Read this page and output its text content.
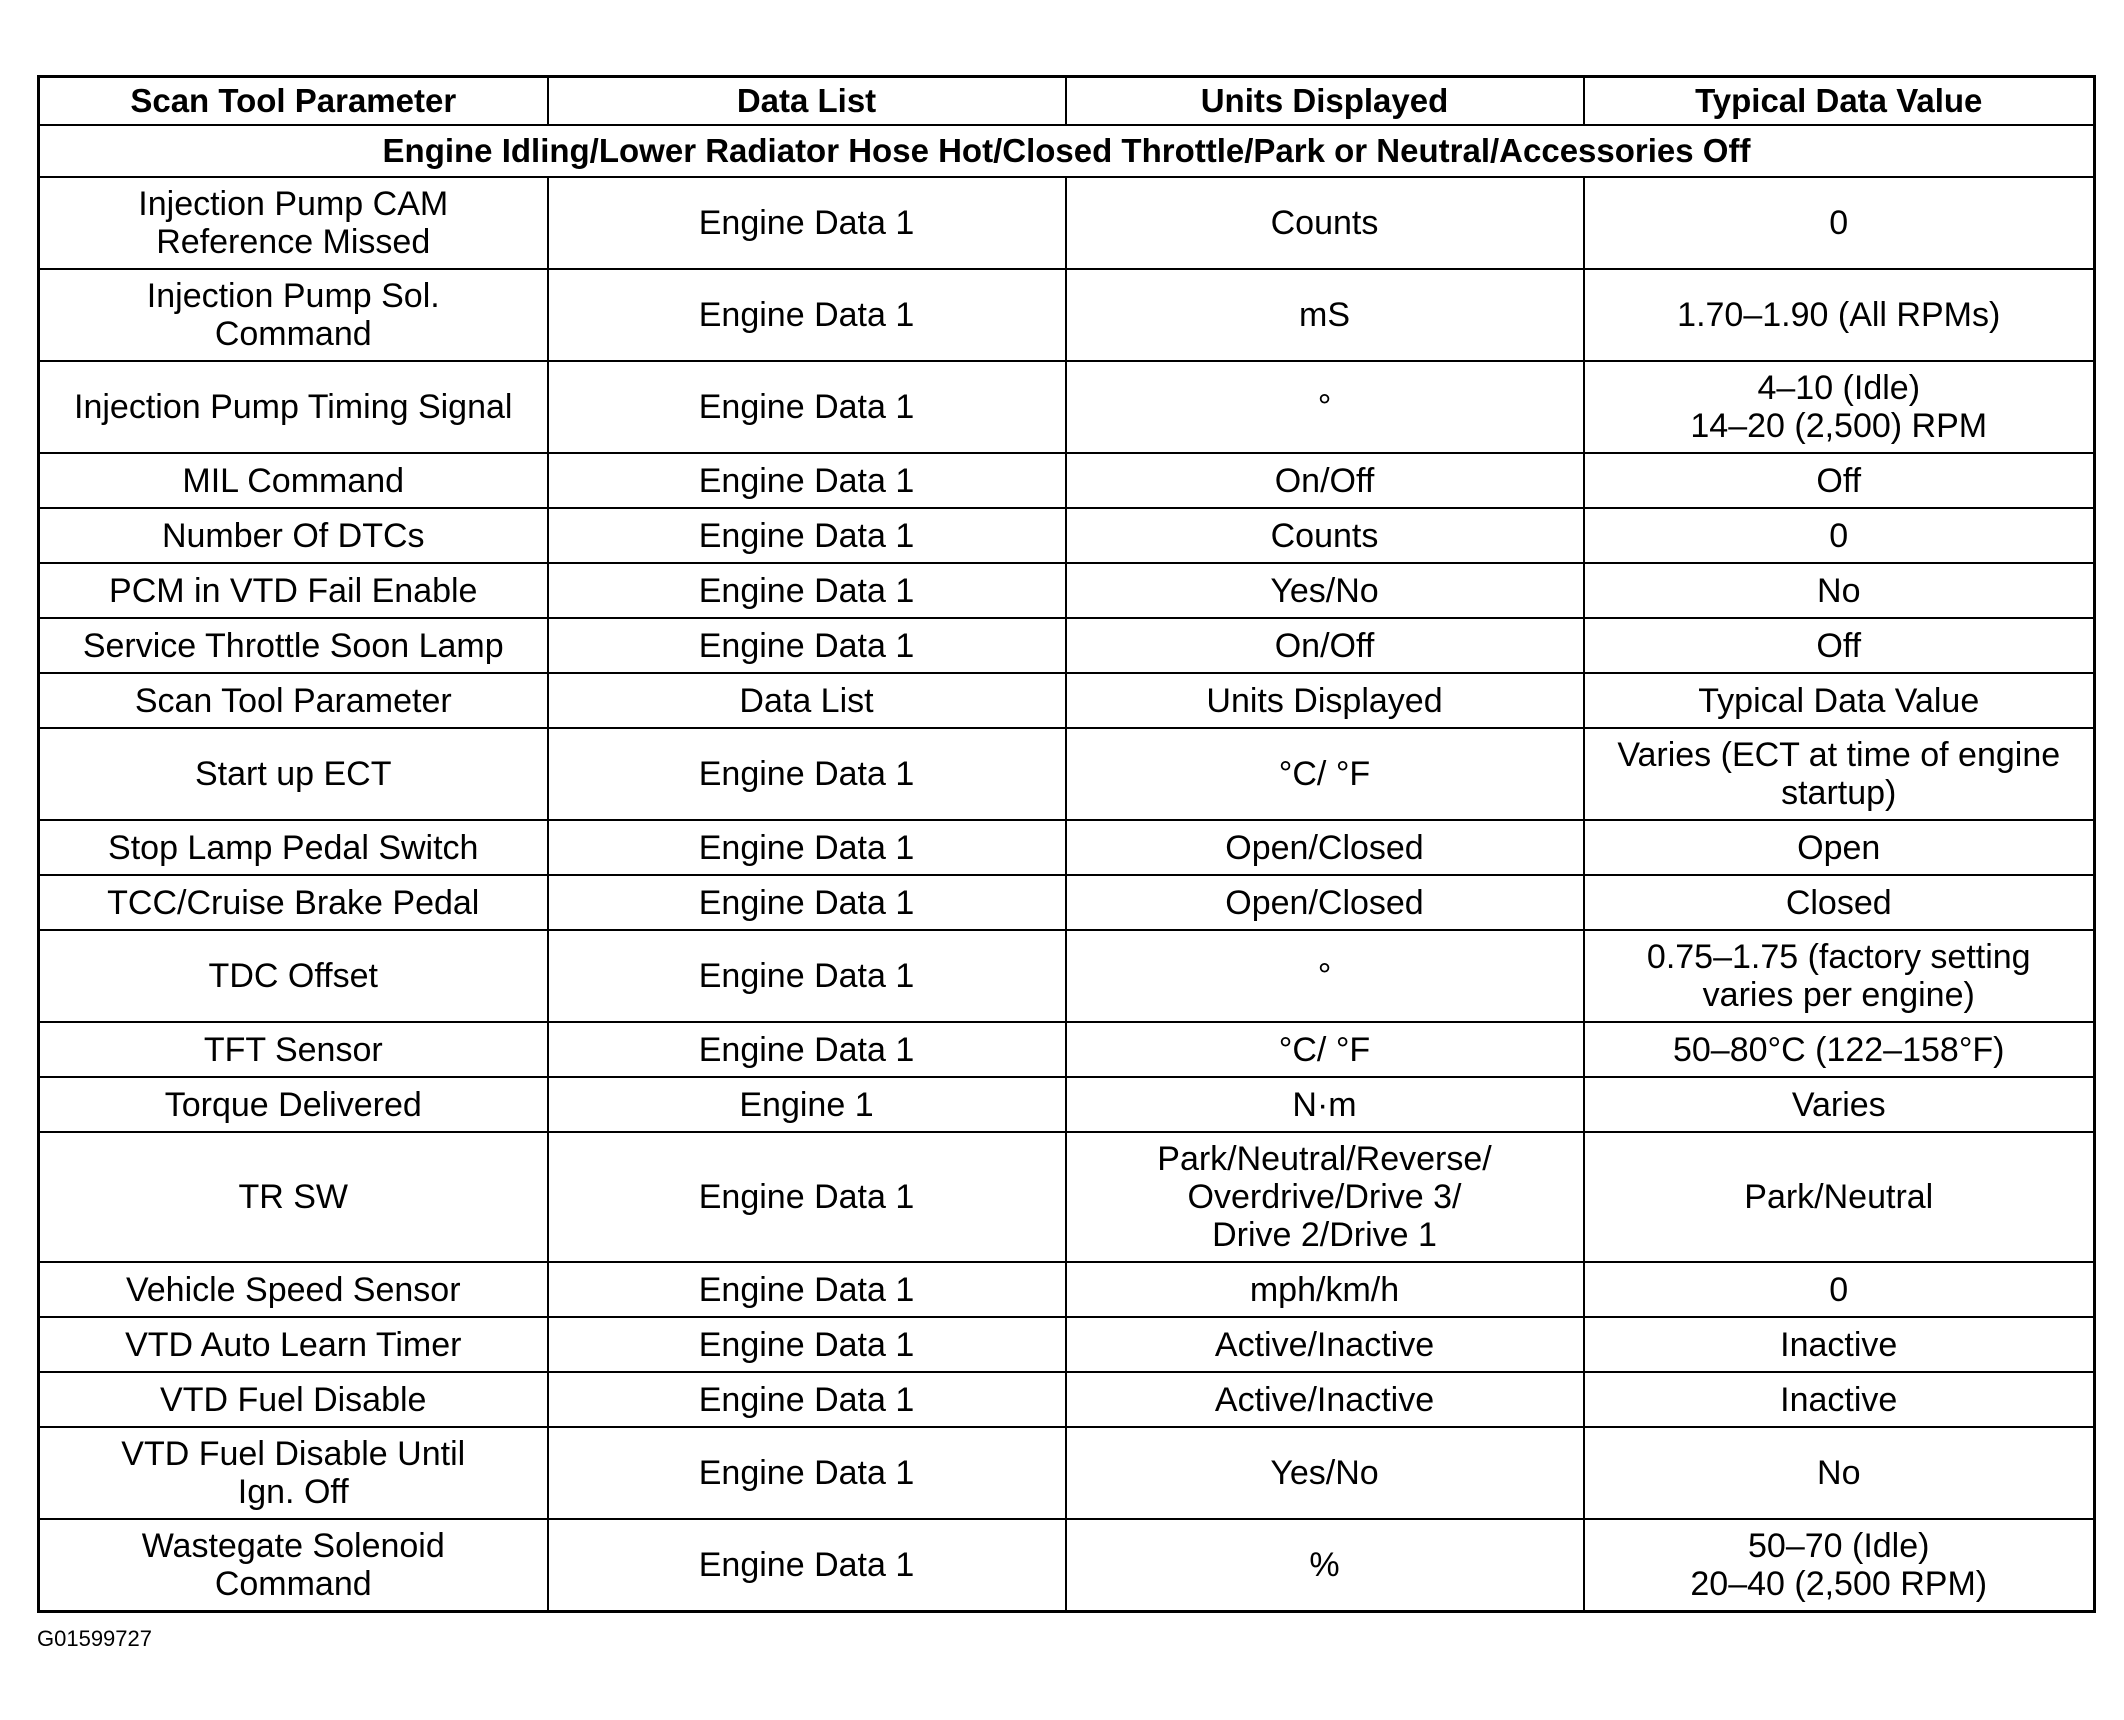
Scan Tool Parameter	Data List	Units Displayed	Typical Data Value
Engine Idling/Lower Radiator Hose Hot/Closed Throttle/Park or Neutral/Accessories Off			

Injection Pump CAM
Reference Missed	Engine Data 1	Counts	0

Injection Pump Sol.
Command	Engine Data 1	mS	1.70–1.90 (All RPMs)

Injection Pump Timing Signal	Engine Data 1	°	4–10 (Idle)
14–20 (2,500) RPM

MIL Command	Engine Data 1	On/Off	Off

Number Of DTCs	Engine Data 1	Counts	0

PCM in VTD Fail Enable	Engine Data 1	Yes/No	No

Service Throttle Soon Lamp	Engine Data 1	On/Off	Off

Scan Tool Parameter	Data List	Units Displayed	Typical Data Value

Start up ECT	Engine Data 1	°C/ °F	Varies (ECT at time of engine
startup)

Stop Lamp Pedal Switch	Engine Data 1	Open/Closed	Open

TCC/Cruise Brake Pedal	Engine Data 1	Open/Closed	Closed

TDC Offset	Engine Data 1	°	0.75–1.75 (factory setting
varies per engine)

TFT Sensor	Engine Data 1	°C/ °F	50–80°C (122–158°F)

Torque Delivered	Engine 1	N·m	Varies

TR SW	Engine Data 1	Park/Neutral/Reverse/
Overdrive/Drive 3/
Drive 2/Drive 1	Park/Neutral

Vehicle Speed Sensor	Engine Data 1	mph/km/h	0

VTD Auto Learn Timer	Engine Data 1	Active/Inactive	Inactive

VTD Fuel Disable	Engine Data 1	Active/Inactive	Inactive

VTD Fuel Disable Until
Ign. Off	Engine Data 1	Yes/No	No

Wastegate Solenoid
Command	Engine Data 1	%	50–70 (Idle)
20–40 (2,500 RPM)
G01599727
